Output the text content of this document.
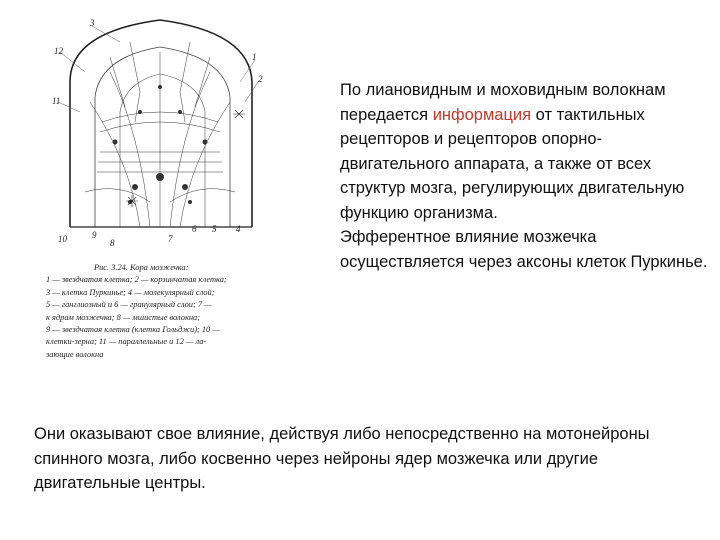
3
12
11
1
2
10	9
8	7
6 5 4
Рис. 3.24. Кора мозжечка:
1 — звездчатая клетка; 2 — корзинчатая клетка;
3 — клетка Пуркинье; 4 — молекулярный слой;
5 — ганглиозный и 6 — гранулярный слои; 7 —
к ядрам мозжечка; 8 — мшистые волокна;
9 — звездчатая клетка (клетка Гольджи); 10 —
клетки-зерна; 11 — параллельные и 12 — ла-
зающие волокна
По лиановидным и моховидным волокнам передается информация от тактильных рецепторов и рецепторов опорно-двигательного аппарата, а также от всех структур мозга, регулирующих двигательную функцию организма.
Эфферентное влияние мозжечка осуществляется через аксоны клеток Пуркинье.
Они оказывают свое влияние, действуя либо непосредственно на мотонейроны спинного мозга, либо косвенно через нейроны ядер мозжечка или другие двигательные центры.
